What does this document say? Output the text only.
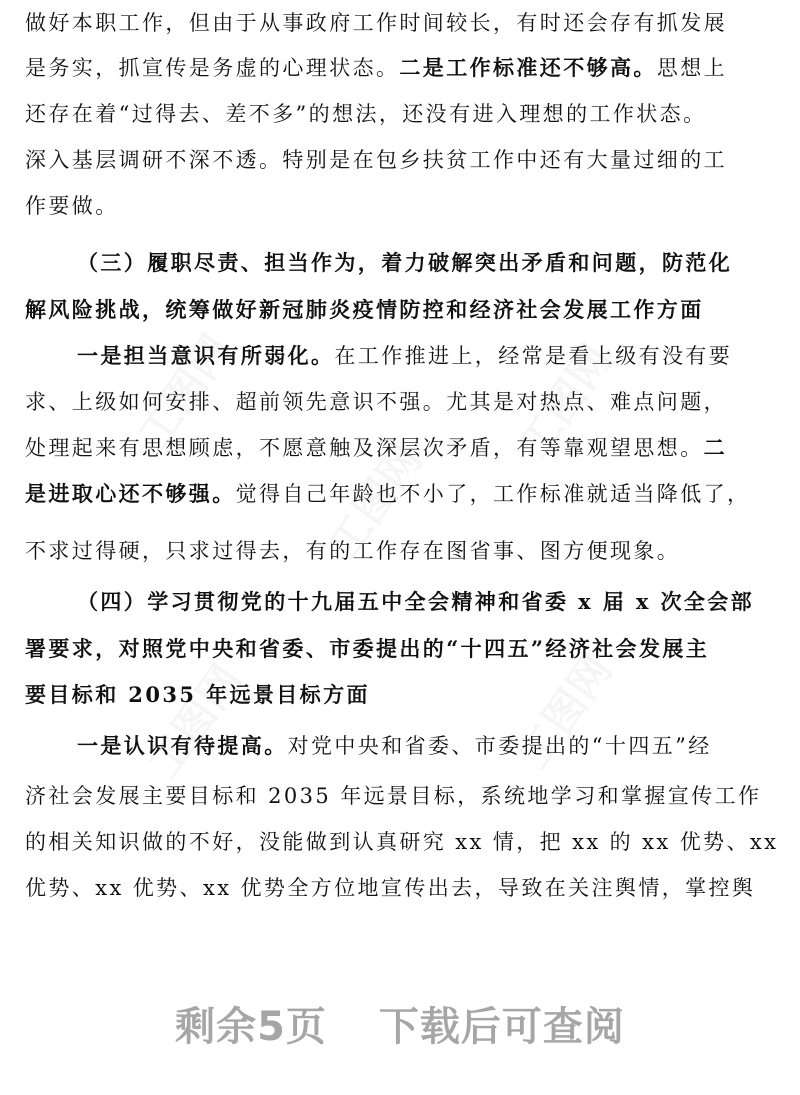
做好本职工作，但由于从事政府工作时间较长，有时还会存有抓发展
是务实，抓宣传是务虚的心理状态。二是工作标准还不够高。思想上
还存在着“过得去、差不多”的想法，还没有进入理想的工作状态。
深入基层调研不深不透。特别是在包乡扶贫工作中还有大量过细的工
作要做。
（三）履职尽责、担当作为，着力破解突出矛盾和问题，防范化
解风险挑战，统筹做好新冠肺炎疫情防控和经济社会发展工作方面
一是担当意识有所弱化。在工作推进上，经常是看上级有没有要
求、上级如何安排、超前领先意识不强。尤其是对热点、难点问题，
处理起来有思想顾虑，不愿意触及深层次矛盾，有等靠观望思想。二
是进取心还不够强。觉得自己年龄也不小了，工作标准就适当降低了，
不求过得硬，只求过得去，有的工作存在图省事、图方便现象。
（四）学习贯彻党的十九届五中全会精神和省委 x 届 x 次全会部
署要求，对照党中央和省委、市委提出的“十四五”经济社会发展主
要目标和 2035 年远景目标方面
一是认识有待提高。对党中央和省委、市委提出的“十四五”经
济社会发展主要目标和 2035 年远景目标，系统地学习和掌握宣传工作
的相关知识做的不好，没能做到认真研究 xx 情，把 xx 的 xx 优势、xx
优势、xx 优势、xx 优势全方位地宣传出去，导致在关注舆情，掌控舆
剩余5页 下载后可查阅
